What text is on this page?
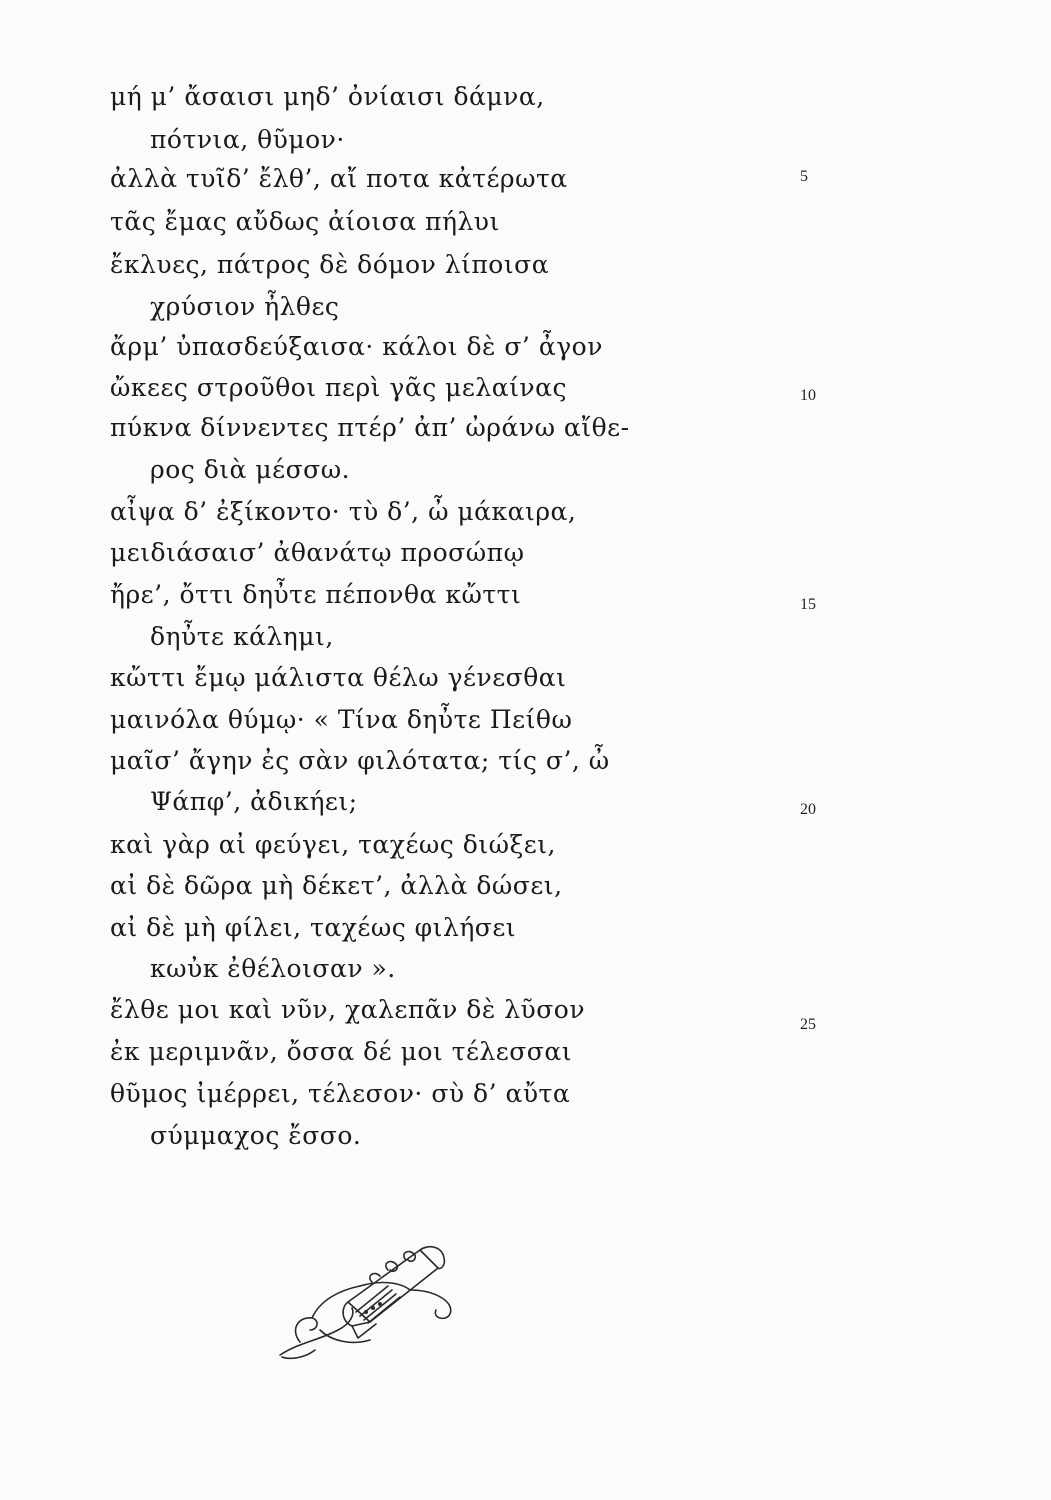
μή μ’ ἄσαισι μηδ’ ὀνίαισι δάμνα,
πότνια, θῦμον·
ἀλλὰ τυῖδ’ ἔλθ’, αἴ ποτα κἀτέρωτα
τᾶς ἔμας αὔδως ἀίοισα πήλυι
ἔκλυες, πάτρος δὲ δόμον λίποισα
χρύσιον ἦλθες
ἄρμ’ ὐπασδεύξαισα· κάλοι δὲ σ’ ἆγον
ὤκεες στροῦθοι περὶ γᾶς μελαίνας
πύκνα δίννεντες πτέρ’ ἀπ’ ὠράνω αἴθε-
ρος διὰ μέσσω.
αἶψα δ’ ἐξίκοντο· τὺ δ’, ὦ μάκαιρα,
μειδιάσαισ’ ἀθανάτῳ προσώπῳ
ἤρε’, ὄττι δηὖτε πέπονθα κὤττι
δηὖτε κάλημι,
κὤττι ἔμῳ μάλιστα θέλω γένεσθαι
μαινόλα θύμῳ· « Τίνα δηὖτε Πείθω
μαῖσ’ ἄγην ἐς σὰν φιλότατα; τίς σ’, ὦ
Ψάπφ’, ἀδικήει;
καὶ γὰρ αἰ φεύγει, ταχέως διώξει,
αἰ δὲ δῶρα μὴ δέκετ’, ἀλλὰ δώσει,
αἰ δὲ μὴ φίλει, ταχέως φιλήσει
κωὐκ ἐθέλοισαν ».
ἔλθε μοι καὶ νῦν, χαλεπᾶν δὲ λῦσον
ἐκ μεριμνᾶν, ὄσσα δέ μοι τέλεσσαι
θῦμος ἰμέρρει, τέλεσον· σὺ δ’ αὔτα
σύμμαχος ἔσσο.
5
10
15
20
25
